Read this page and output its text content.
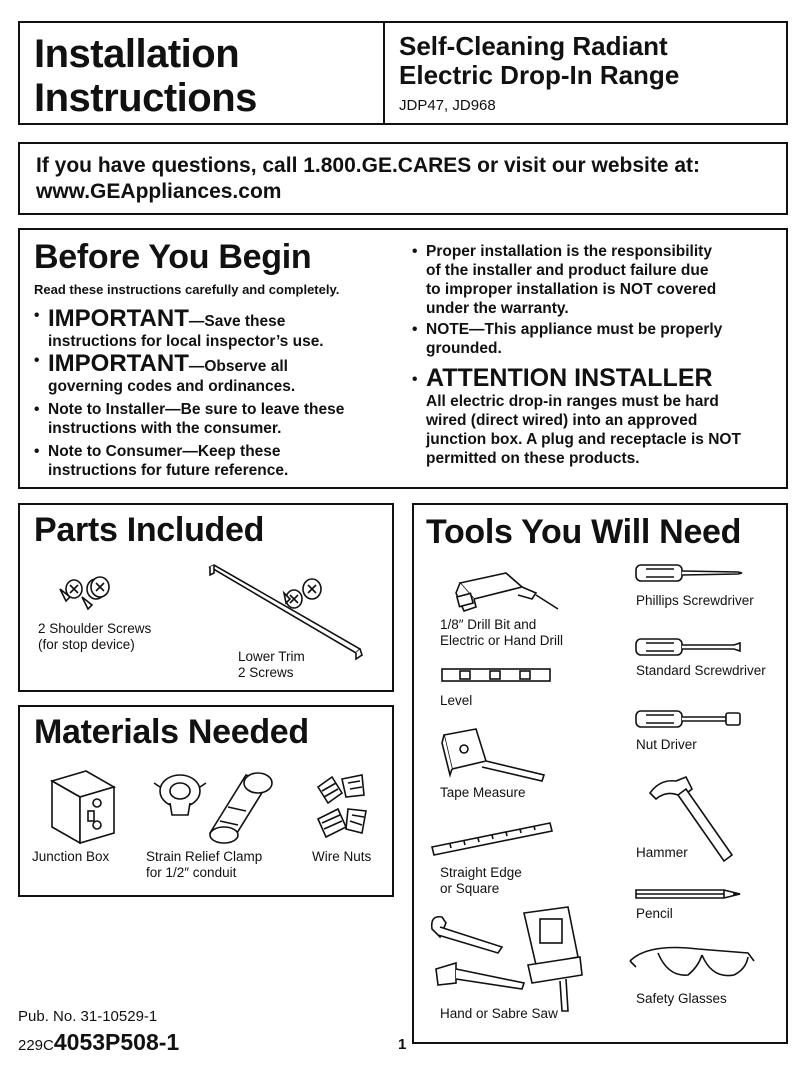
Installation
Instructions
Self-Cleaning Radiant
Electric Drop-In Range
JDP47, JD968

If you have questions, call 1.800.GE.CARES or visit our website at:

www.GEAppliances.com

Before You Begin
Read these instructions carefully and completely.
• IMPORTANT—Save these
instructions for local inspector’s use.
• IMPORTANT—Observe all
governing codes and ordinances.
• Note to Installer—Be sure to leave these
instructions with the consumer.
• Note to Consumer—Keep these
instructions for future reference.
• Proper installation is the responsibility
of the installer and product failure due
to improper installation is NOT covered
under the warranty.
• NOTE—This appliance must be properly
grounded.
• ATTENTION INSTALLER
All electric drop-in ranges must be hard
wired (direct wired) into an approved
junction box. A plug and receptacle is NOT
permitted on these products.
Parts Included
2 Shoulder Screws
(for stop device)
Lower Trim
2 Screws
Materials Needed
Junction Box	Strain Relief Clamp
for 1/2″ conduit
Wire Nuts
Tools You Will Need
1/8″ Drill Bit and
Electric or Hand Drill
Level
Tape Measure
Straight Edge
or Square
Hand or Sabre Saw
Phillips Screwdriver
Standard Screwdriver
Nut Driver
Hammer
Pencil
Safety Glasses
Pub. No. 31-10529-1
229C4053P508-1	1
